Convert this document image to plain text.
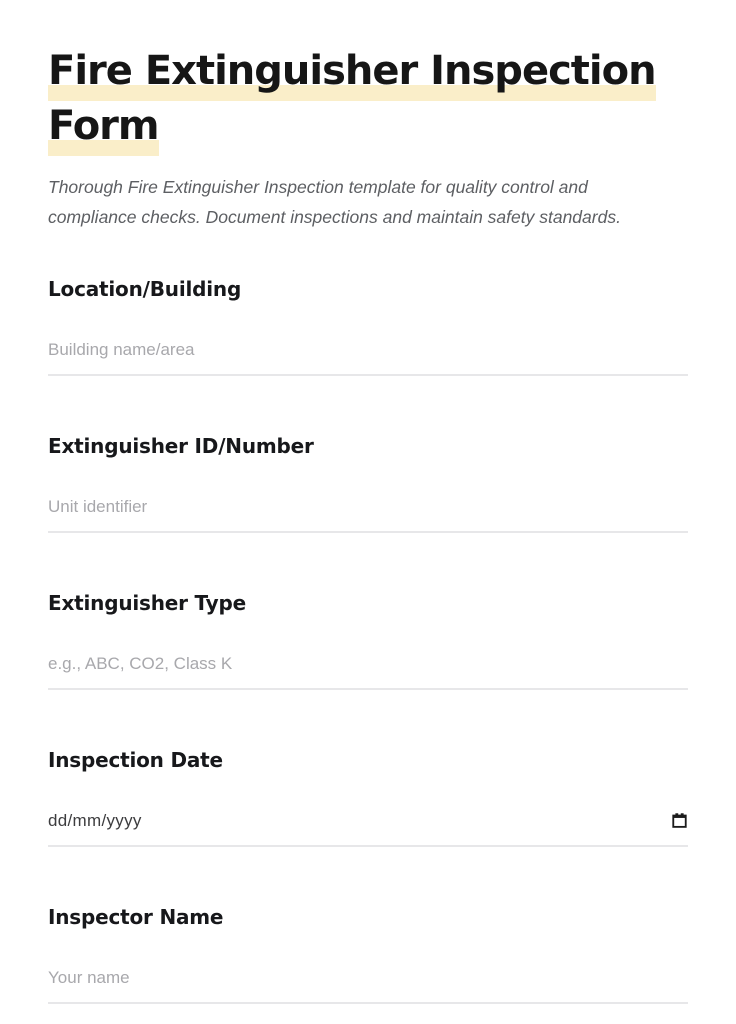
Fire Extinguisher Inspection Form

Thorough Fire Extinguisher Inspection template for quality control and compliance checks. Document inspections and maintain safety standards.

Location/Building
Building name/area
Extinguisher ID/Number
Unit identifier
Extinguisher Type
e.g., ABC, CO2, Class K
Inspection Date
dd/mm/yyyy
Inspector Name
Your name
